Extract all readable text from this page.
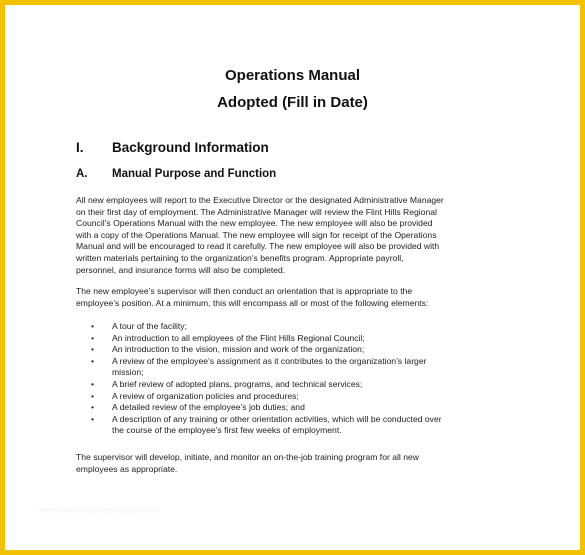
Operations Manual
Adopted (Fill in Date)
I. Background Information
A. Manual Purpose and Function
All new employees will report to the Executive Director or the designated Administrative Manager
on their first day of employment. The Administrative Manager will review the Flint Hills Regional
Council’s Operations Manual with the new employee. The new employee will also be provided
with a copy of the Operations Manual. The new employee will sign for receipt of the Operations
Manual and will be encouraged to read it carefully. The new employee will also be provided with
written materials pertaining to the organization’s benefits program. Appropriate payroll,
personnel, and insurance forms will also be completed.
The new employee’s supervisor will then conduct an orientation that is appropriate to the
employee’s position. At a minimum, this will encompass all or most of the following elements:
• A tour of the facility;
• An introduction to all employees of the Flint Hills Regional Council;
• An introduction to the vision, mission and work of the organization;
• A review of the employee’s assignment as it contributes to the organization’s larger
mission;
• A brief review of adopted plans, programs, and technical services;
• A review of organization policies and procedures;
• A detailed review of the employee’s job duties; and
• A description of any training or other orientation activities, which will be conducted over
the course of the employee’s first few weeks of employment.
The supervisor will develop, initiate, and monitor an on-the-job training program for all new
employees as appropriate.
www.thefreedesignstudio.com
